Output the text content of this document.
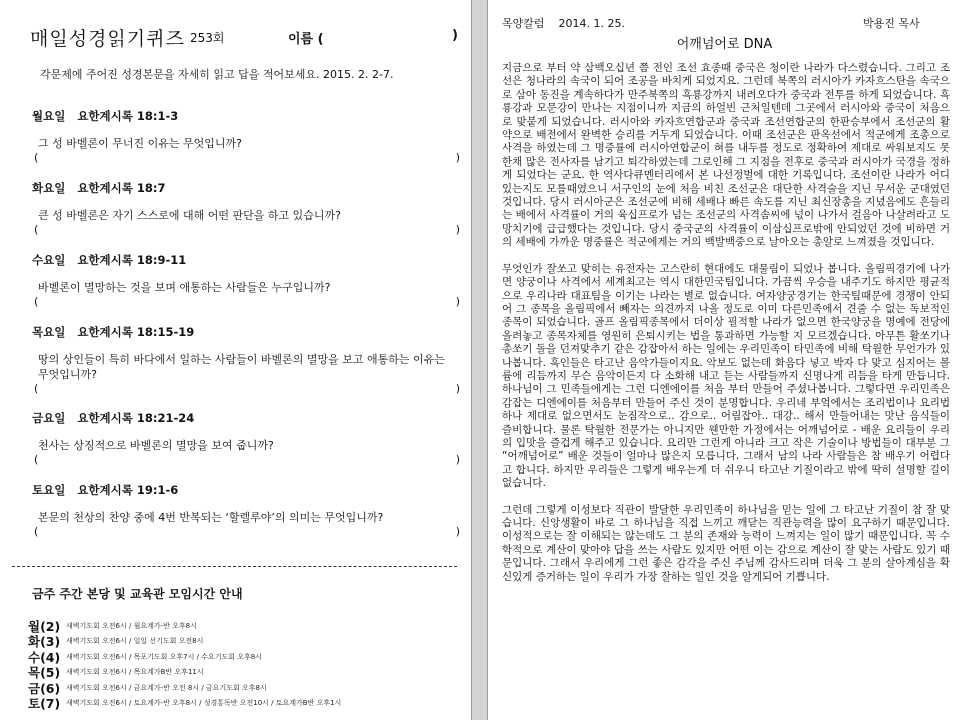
매일성경읽기퀴즈 253회	이름 (	)
각문제에 주어진 성경본문을 자세히 읽고 답을 적어보세요. 2015. 2. 2-7.
월요일 요한계시록 18:1-3
그 성 바벨론이 무너진 이유는 무엇입니까?
(	)
화요일 요한계시록 18:7
큰 성 바벨론은 자기 스스로에 대해 어떤 판단을 하고 있습니까?
(	)
수요일 요한계시록 18:9-11
바벨론이 멸망하는 것을 보며 애통하는 사람들은 누구입니까?
(	)
목요일 요한계시록 18:15-19
땅의 상인들이 특히 바다에서 일하는 사람들이 바벨론의 멸망을 보고 애통하는 이유는 무엇입니까?
(	)
금요일 요한계시록 18:21-24
천사는 상징적으로 바벨론의 멸망을 보여 줍니까?
(	)
토요일 요한계시록 19:1-6
본문의 천상의 찬양 중에 4번 반복되는 ‘할렐루야’의 의미는 무엇입니까?
(	)
금주 주간 본당 및 교육관 모임시간 안내
월(2) 새벽기도회 오전6시 / 월요계가-반 오후8시
화(3) 새벽기도회 오전6시 / 일일 선기도회 오전8시
수(4) 새벽기도회 오전6시 / 목포기도회 오후7시 / 수요기도회 오후8시
목(5) 새벽기도회 오전6시 / 목요계가B반 오후11시
금(6) 새벽기도회 오전6시 / 금요계가-반 오전 8시 / 금요기도회 오후8시
토(7) 새벽기도회 오전6시 / 토요계가-반 오후8시 / 성경통독반 오전10시 / 토요계가B반 오후1시
목양칼럼 2014. 1. 25.	박용진 목사
어깨넘어로 DNA

지금으로 부터 약 삼백오십년 쯤 전인 조선 효종때 중국은 청이란 나라가 다스렸습니다. 그리고 조선은 청나라의 속국이 되어 조공을 바치게 되었지요. 그런데 북쪽의 러시아가 카자흐스탄을 속국으로 삼아 동진을 계속하다가 만주북쪽의 흑룡강까지 내려오다가 중국과 전투를 하게 되었습니다. 흑룡강과 모문강이 만나는 지점이니까 지금의 하얼빈 근처일텐데 그곳에서 러시아와 중국이 처음으로 맞붙게 되었습니다. 러시아와 카자흐연합군과 중국과 조선연합군의 한판승부에서 조선군의 활약으로 배전에서 완벽한 승리를 거두게 되었습니다. 이때 조선군은 판옥선에서 적군에게 조총으로 사격을 하였는데 그 명중률에 러시아연합군이 혀를 내두를 정도로 정확하여 제대로 싸워보지도 못한채 많은 전사자를 남기고 퇴각하였는데 그로인해 그 지점을 전후로 중국과 러시아가 국경을 정하게 되었다는 군요. 한 역사다큐멘터리에서 본 나선정벌에 대한 기록입니다. 조선이란 나라가 어디 있는지도 모를때였으니 서구인의 눈에 처음 비친 조선군은 대단한 사격술을 지닌 무서운 군대였던 것입니다. 당시 러시아군은 조선군에 비해 세배나 빠른 속도를 지닌 최신장총을 지녔음에도 흔들리는 배에서 사격률이 거의 육십프로가 넘는 조선군의 사격솜씨에 넋이 나가서 걸음아 나살려라고 도망치기에 급급했다는 것입니다. 당시 중국군의 사격률이 이삼십프로밖에 안되었던 것에 비하면 거의 세배에 가까운 명중률은 적군에게는 거의 백발백중으로 날아오는 총알로 느껴졌을 것입니다.

무엇인가 잘쏘고 맞히는 유전자는 고스란히 현대에도 대물림이 되었나 봅니다. 올림픽경기에 나가면 양궁이나 사격에서 세계최고는 역시 대한민국팀입니다. 가끔씩 우승을 내주기도 하지만 평균적으로 우리나라 대표팀을 이기는 나라는 별로 없습니다. 여자양궁경기는 한국팀때문에 경쟁이 안되어 그 종목을 올림픽에서 빼자는 의견까지 나올 정도로 이미 다른민족에서 견줄 수 없는 독보적인 종목이 되었습니다. 골프 올림픽종목에서 더이상 필적할 나라가 없으면 한국양궁을 명예에 전당에 올려놓고 종목자체를 영원히 은퇴시키는 법을 통과하면 가능할 지 모르겠습니다. 아무튼 활쏘기나 총쏘기 돌을 던져맞추기 같은 감잡아서 하는 일에는 우리민족이 타민족에 비해 탁월한 무언가가 있나봅니다. 흑인들은 타고난 음악가들이지요. 악보도 없는데 화음다 넣고 박자 다 맞고 심지어는 볼륨에 리듬까지 무슨 음악이든지 다 소화해 내고 듣는 사람들까지 신명나게 리듬을 타게 만듭니다. 하나님이 그 민족들에게는 그런 디엔에이를 처음 부터 만들어 주셨나봅니다. 그렇다면 우리민족은 감잡는 디엔에이를 처음부터 만들어 주신 것이 분명합니다. 우리네 부엌에서는 조리법이나 요리법 하나 제대로 없으면서도 눈짐작으로.. 감으로.. 어림잡아.. 대강.. 해서 만들어내는 맛난 음식들이 즐비합니다. 물론 탁월한 전문가는 아니지만 웬만한 가정에서는 어깨넘어로 - 배운 요리들이 우리의 입맛을 즐겁게 해주고 있습니다. 요리만 그런게 아니라 크고 작은 기술이나 방법들이 대부분 그 “어깨넘어로” 배운 것들이 얼마나 많은지 모릅니다. 그래서 남의 나라 사람들은 참 배우기 어렵다고 합니다. 하지만 우리들은 그렇게 배우는게 더 쉬우니 타고난 기질이라고 밖에 딱히 설명할 길이 없습니다.

그런데 그렇게 이성보다 직관이 발달한 우리민족이 하나님을 믿는 일에 그 타고난 기질이 참 잘 맞습니다. 신앙생활이 바로 그 하나님을 직접 느끼고 깨닫는 직관능력을 많이 요구하기 때문입니다. 이성적으로는 잘 이해되는 않는데도 그 분의 존재와 능력이 느껴지는 일이 많기 때문입니다. 꼭 수학적으로 계산이 맞아야 답을 쓰는 사람도 있지만 어떤 이는 감으로 계산이 잘 맞는 사람도 있기 때문입니다. 그래서 우리에게 그런 좋은 감각을 주신 주님께 감사드리며 더욱 그 분의 살아계심을 확신있게 증거하는 일이 우리가 가장 잘하는 일인 것을 알게되어 기쁩니다.
